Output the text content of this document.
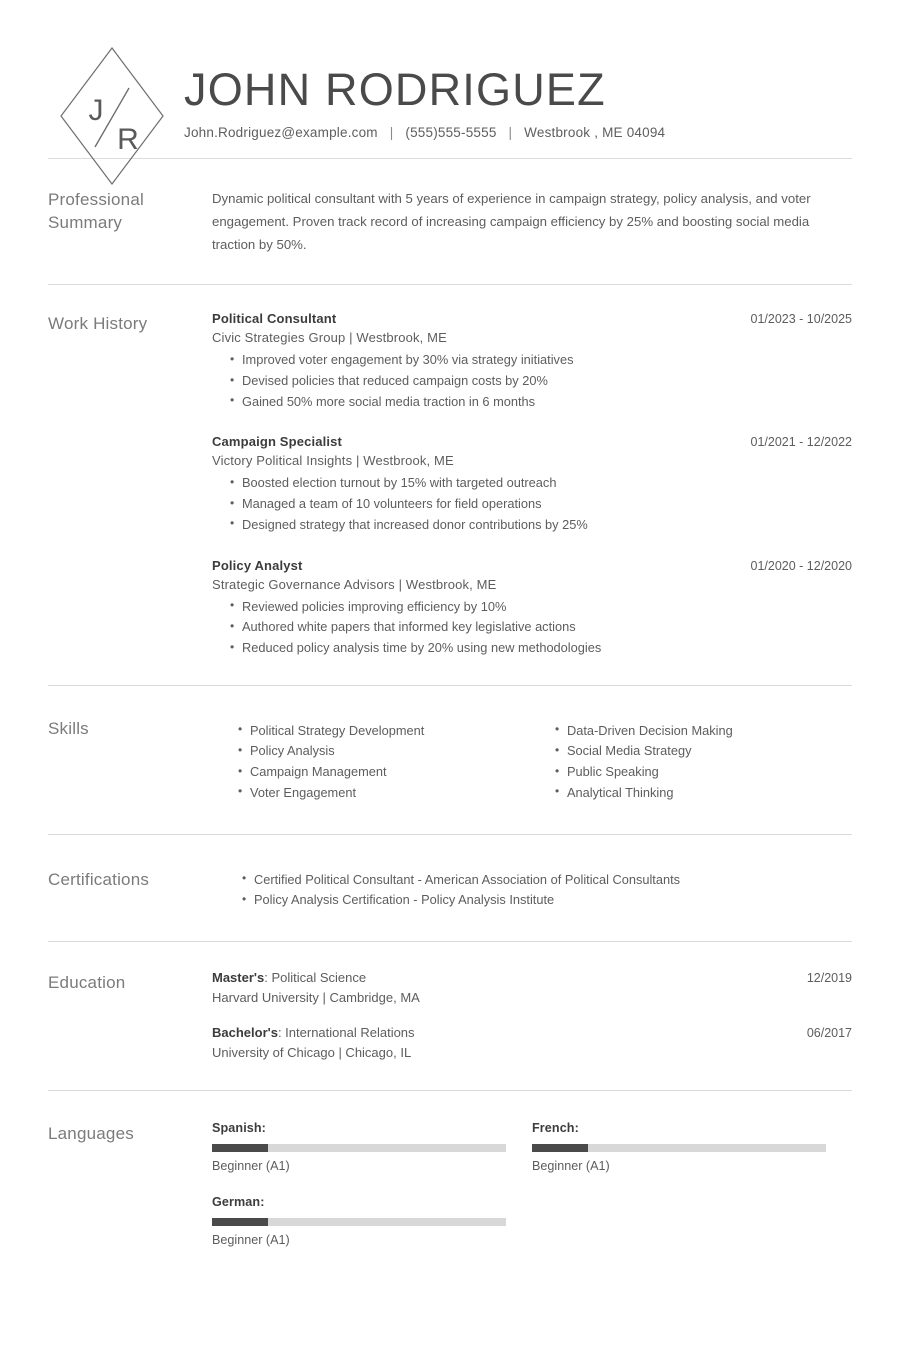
J
R
JOHN RODRIGUEZ
John.Rodriguez@example.com | (555)555-5555 | Westbrook , ME 04094
Professional Summary
Dynamic political consultant with 5 years of experience in campaign strategy, policy analysis, and voter engagement. Proven track record of increasing campaign efficiency by 25% and boosting social media traction by 50%.
Work History	Political Consultant	01/2023 - 10/2025
Civic Strategies Group | Westbrook, ME
• Improved voter engagement by 30% via strategy initiatives
• Devised policies that reduced campaign costs by 20%
• Gained 50% more social media traction in 6 months
Campaign Specialist	01/2021 - 12/2022
Victory Political Insights | Westbrook, ME
• Boosted election turnout by 15% with targeted outreach
• Managed a team of 10 volunteers for field operations
• Designed strategy that increased donor contributions by 25%
Policy Analyst	01/2020 - 12/2020
Strategic Governance Advisors | Westbrook, ME
• Reviewed policies improving efficiency by 10%
• Authored white papers that informed key legislative actions
• Reduced policy analysis time by 20% using new methodologies
Skills	• Political Strategy Development
• Policy Analysis
• Campaign Management
• Voter Engagement
• Data-Driven Decision Making
• Social Media Strategy
• Public Speaking
• Analytical Thinking
Certifications	• Certified Political Consultant - American Association of Political Consultants
• Policy Analysis Certification - Policy Analysis Institute
Education	Master's: Political Science	12/2019
Harvard University | Cambridge, MA
Bachelor's: International Relations	06/2017
University of Chicago | Chicago, IL
Languages	Spanish:
Beginner (A1)
French:
Beginner (A1)
German:
Beginner (A1)
